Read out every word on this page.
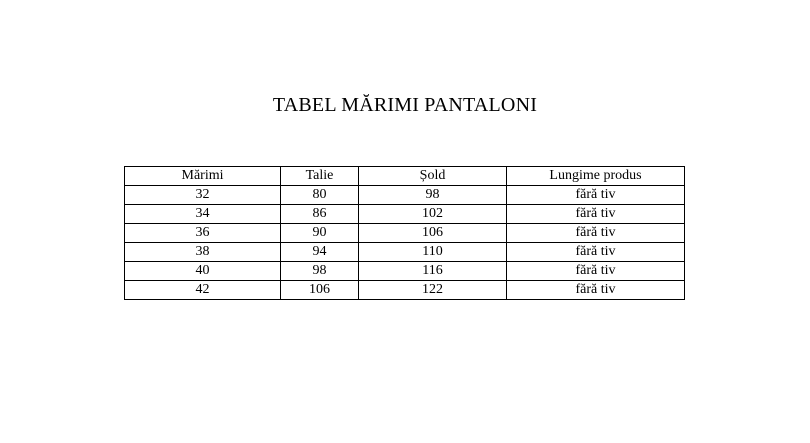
TABEL MĂRIMI PANTALONI
Mărimi	Talie	Șold	Lungime produs
32	80	98	fără tiv
34	86	102	fără tiv
36	90	106	fără tiv
38	94	110	fără tiv
40	98	116	fără tiv
42	106	122	fără tiv
